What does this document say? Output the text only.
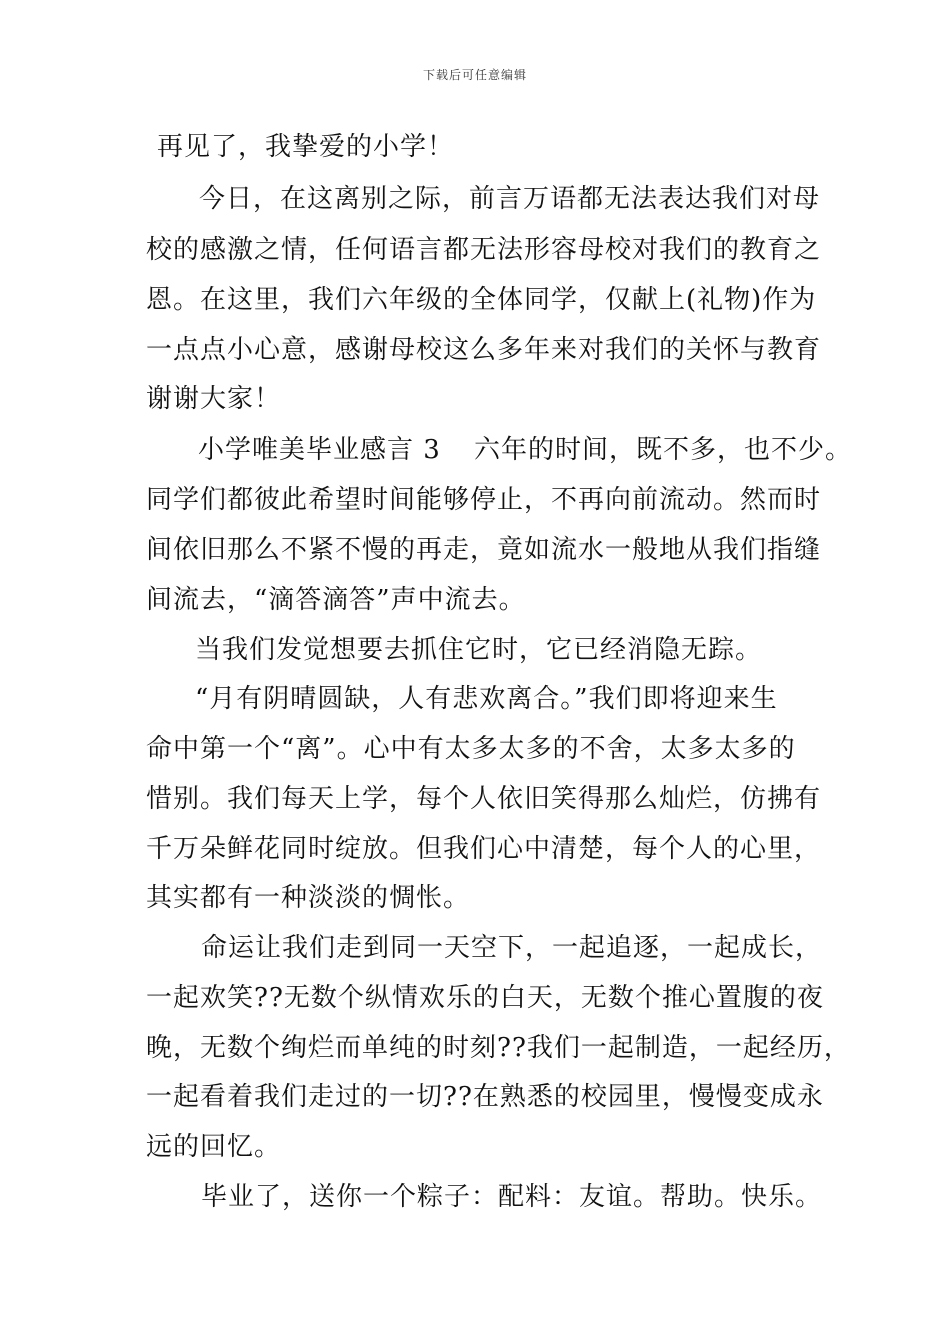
下载后可任意编辑
再见了，我挚爱的小学！
今日，在这离别之际，前言万语都无法表达我们对母
校的感激之情，任何语言都无法形容母校对我们的教育之
恩。在这里，我们六年级的全体同学，仅献上(礼物)作为
一点点小心意，感谢母校这么多年来对我们的关怀与教育
谢谢大家！
小学唯美毕业感言 3 六年的时间，既不多，也不少。
同学们都彼此希望时间能够停止，不再向前流动。然而时
间依旧那么不紧不慢的再走，竟如流水一般地从我们指缝
间流去，“滴答滴答”声中流去。
当我们发觉想要去抓住它时，它已经消隐无踪。
“月有阴晴圆缺，人有悲欢离合。”我们即将迎来生
命中第一个“离”。心中有太多太多的不舍，太多太多的
惜别。我们每天上学，每个人依旧笑得那么灿烂，仿拂有
千万朵鲜花同时绽放。但我们心中清楚，每个人的心里，
其实都有一种淡淡的惆怅。
命运让我们走到同一天空下，一起追逐，一起成长，
一起欢笑??无数个纵情欢乐的白天，无数个推心置腹的夜
晚，无数个绚烂而单纯的时刻??我们一起制造，一起经历，
一起看着我们走过的一切??在熟悉的校园里，慢慢变成永
远的回忆。
毕业了，送你一个粽子：配料：友谊。帮助。快乐。
